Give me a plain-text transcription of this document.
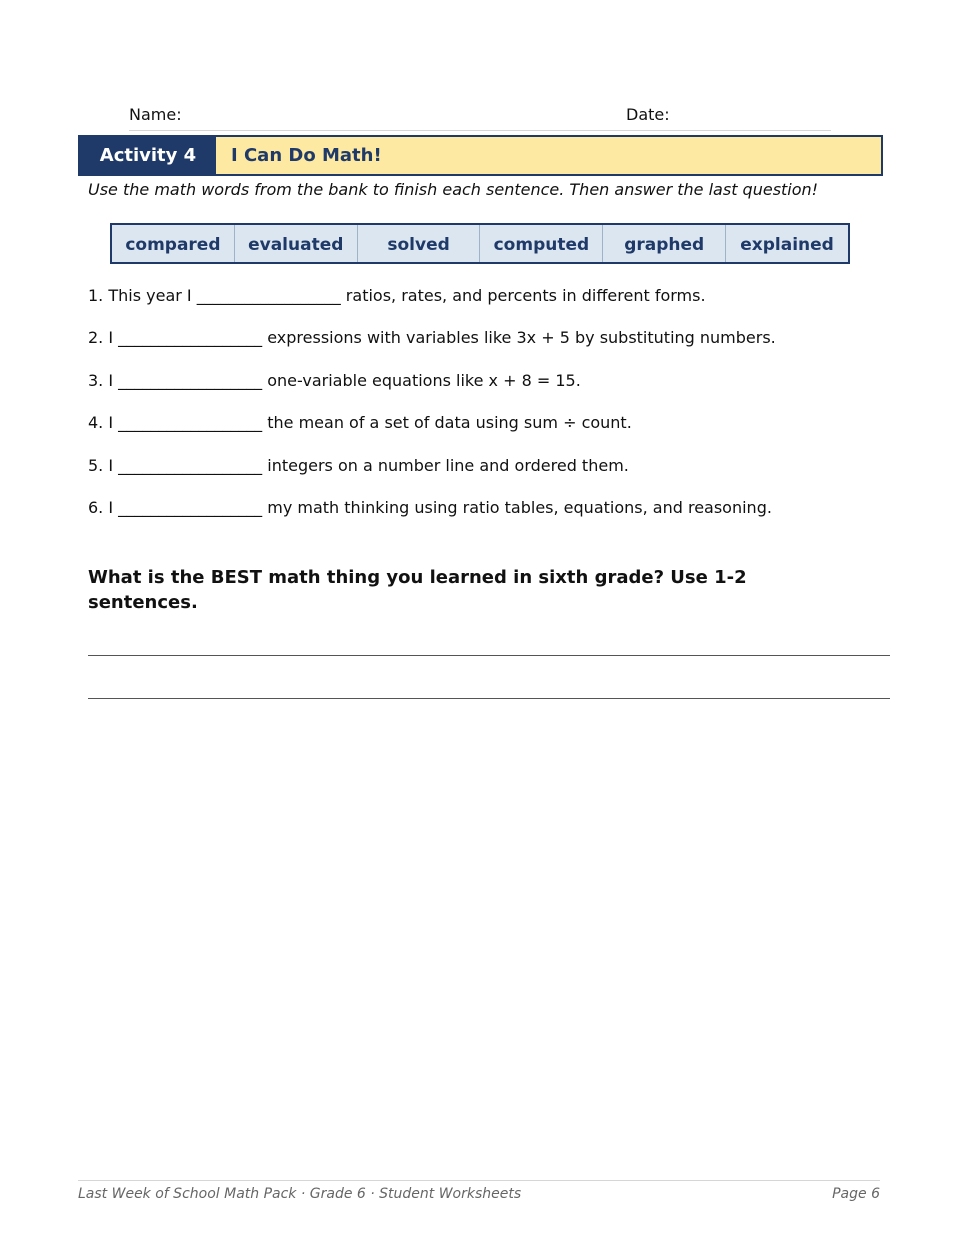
Name:	Date:
Activity 4	I Can Do Math!
Use the math words from the bank to finish each sentence. Then answer the last question!
compared	evaluated	solved	computed	graphed	explained
1. This year I __________________ ratios, rates, and percents in different forms.
2. I __________________ expressions with variables like 3x + 5 by substituting numbers.
3. I __________________ one-variable equations like x + 8 = 15.
4. I __________________ the mean of a set of data using sum ÷ count.
5. I __________________ integers on a number line and ordered them.
6. I __________________ my math thinking using ratio tables, equations, and reasoning.
What is the BEST math thing you learned in sixth grade? Use 1-2 sentences.
Last Week of School Math Pack · Grade 6 · Student Worksheets	Page 6
